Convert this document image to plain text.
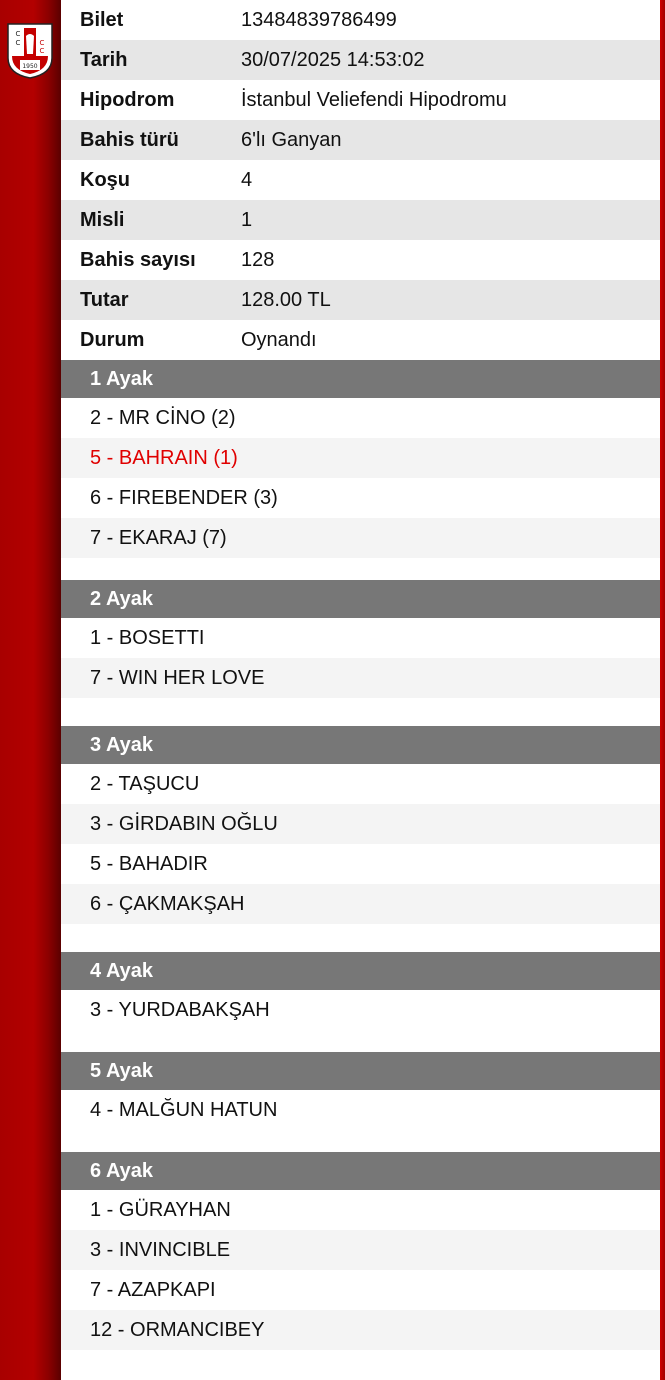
C
C	C
C
1950
Bilet	13484839786499
Tarih	30/07/2025 14:53:02
Hipodrom	İstanbul Veliefendi Hipodromu
Bahis türü	6'lı Ganyan
Koşu	4
Misli	1
Bahis sayısı	128
Tutar	128.00 TL
Durum	Oynandı
1 Ayak
2 - MR CİNO (2)
5 - BAHRAIN (1)
6 - FIREBENDER (3)
7 - EKARAJ (7)
2 Ayak
1 - BOSETTI
7 - WIN HER LOVE
3 Ayak
2 - TAŞUCU
3 - GİRDABIN OĞLU
5 - BAHADIR
6 - ÇAKMAKŞAH
4 Ayak
3 - YURDABAKŞAH
5 Ayak
4 - MALĞUN HATUN
6 Ayak
1 - GÜRAYHAN
3 - INVINCIBLE
7 - AZAPKAPI
12 - ORMANCIBEY
